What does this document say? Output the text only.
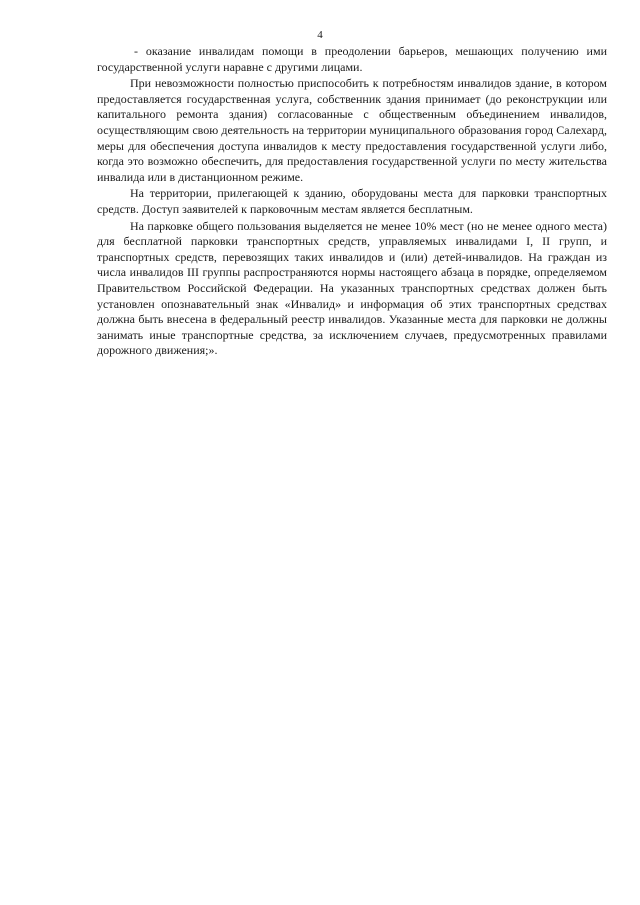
4

- оказание инвалидам помощи в преодолении барьеров, мешающих получению ими государственной услуги наравне с другими лицами.

При невозможности полностью приспособить к потребностям инвалидов здание, в котором предоставляется государственная услуга, собственник здания принимает (до реконструкции или капитального ремонта здания) согласованные с общественным объединением инвалидов, осуществляющим свою деятельность на территории муниципального образования город Салехард, меры для обеспечения доступа инвалидов к месту предоставления государственной услуги либо, когда это возможно обеспечить, для предоставления государственной услуги по месту жительства инвалида или в дистанционном режиме.

На территории, прилегающей к зданию, оборудованы места для парковки транспортных средств. Доступ заявителей к парковочным местам является бесплатным.

На парковке общего пользования выделяется не менее 10% мест (но не менее одного места) для бесплатной парковки транспортных средств, управляемых инвалидами I, II групп, и транспортных средств, перевозящих таких инвалидов и (или) детей-инвалидов. На граждан из числа инвалидов III группы распространяются нормы настоящего абзаца в порядке, определяемом Правительством Российской Федерации. На указанных транспортных средствах должен быть установлен опознавательный знак «Инвалид» и информация об этих транспортных средствах должна быть внесена в федеральный реестр инвалидов. Указанные места для парковки не должны занимать иные транспортные средства, за исключением случаев, предусмотренных правилами дорожного движения;».
